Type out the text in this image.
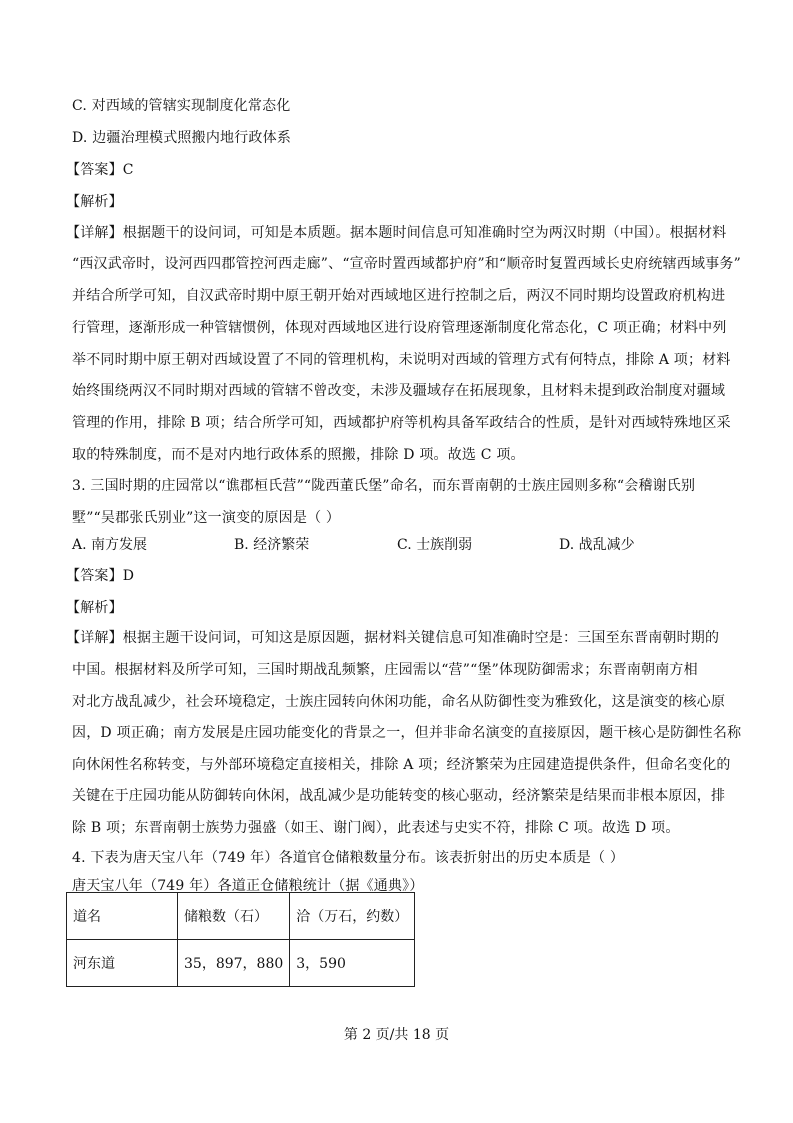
C. 对西域的管辖实现制度化常态化
D. 边疆治理模式照搬内地行政体系
【答案】C
【解析】
【详解】根据题干的设问词，可知是本质题。据本题时间信息可知准确时空为两汉时期（中国）。根据材料
“西汉武帝时，设河西四郡管控河西走廊”、“宣帝时置西域都护府”和“顺帝时复置西域长史府统辖西域事务”
并结合所学可知，自汉武帝时期中原王朝开始对西域地区进行控制之后，两汉不同时期均设置政府机构进
行管理，逐渐形成一种管辖惯例，体现对西域地区进行设府管理逐渐制度化常态化，C 项正确；材料中列
举不同时期中原王朝对西域设置了不同的管理机构，未说明对西域的管理方式有何特点，排除 A 项；材料
始终围绕两汉不同时期对西域的管辖不曾改变，未涉及疆域存在拓展现象，且材料未提到政治制度对疆域
管理的作用，排除 B 项；结合所学可知，西域都护府等机构具备军政结合的性质，是针对西域特殊地区采
取的特殊制度，而不是对内地行政体系的照搬，排除 D 项。故选 C 项。
3. 三国时期的庄园常以“谯郡桓氏营”“陇西董氏堡”命名，而东晋南朝的士族庄园则多称“会稽谢氏别
墅”“吴郡张氏别业”这一演变的原因是（ ）
A. 南方发展	B. 经济繁荣	C. 士族削弱	D. 战乱减少
【答案】D
【解析】
【详解】根据主题干设问词，可知这是原因题，据材料关键信息可知准确时空是：三国至东晋南朝时期的
中国。根据材料及所学可知，三国时期战乱频繁，庄园需以“营”“堡”体现防御需求；东晋南朝南方相
对北方战乱减少，社会环境稳定，士族庄园转向休闲功能，命名从防御性变为雅致化，这是演变的核心原
因，D 项正确；南方发展是庄园功能变化的背景之一，但并非命名演变的直接原因，题干核心是防御性名称
向休闲性名称转变，与外部环境稳定直接相关，排除 A 项；经济繁荣为庄园建造提供条件，但命名变化的
关键在于庄园功能从防御转向休闲，战乱减少是功能转变的核心驱动，经济繁荣是结果而非根本原因，排
除 B 项；东晋南朝士族势力强盛（如王、谢门阀），此表述与史实不符，排除 C 项。故选 D 项。
4. 下表为唐天宝八年（749 年）各道官仓储粮数量分布。该表折射出的历史本质是（ ）
唐天宝八年（749 年）各道正仓储粮统计（据《通典》）
道名	储粮数（石）	洽（万石，约数）
河东道	35，897，880	3，590
第 2 页/共 18 页
